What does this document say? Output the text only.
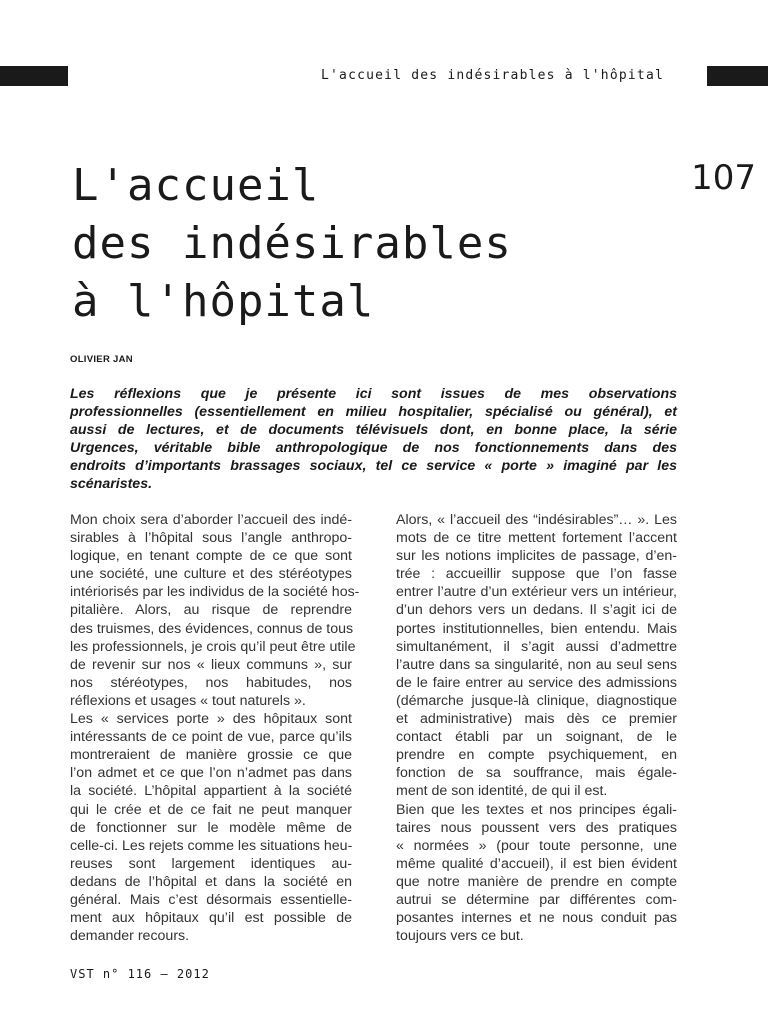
L'accueil des indésirables à l'hôpital
107
L'accueil
des indésirables
à l'hôpital
OLIVIER JAN
Les réflexions que je présente ici sont issues de mes observations
professionnelles (essentiellement en milieu hospitalier, spécialisé ou général), et
aussi de lectures, et de documents télévisuels dont, en bonne place, la série
Urgences, véritable bible anthropologique de nos fonctionnements dans des
endroits d’importants brassages sociaux, tel ce service « porte » imaginé par les
scénaristes.
Mon choix sera d’aborder l’accueil des indé-
sirables à l’hôpital sous l’angle anthropo-
logique, en tenant compte de ce que sont
une société, une culture et des stéréotypes
intériorisés par les individus de la société hos-
pitalière. Alors, au risque de reprendre
des truismes, des évidences, connus de tous
les professionnels, je crois qu’il peut être utile
de revenir sur nos « lieux communs », sur
nos stéréotypes, nos habitudes, nos
réflexions et usages « tout naturels ».
Les « services porte » des hôpitaux sont
intéressants de ce point de vue, parce qu’ils
montreraient de manière grossie ce que
l’on admet et ce que l’on n’admet pas dans
la société. L’hôpital appartient à la société
qui le crée et de ce fait ne peut manquer
de fonctionner sur le modèle même de
celle-ci. Les rejets comme les situations heu-
reuses sont largement identiques au-
dedans de l’hôpital et dans la société en
général. Mais c’est désormais essentielle-
ment aux hôpitaux qu’il est possible de
demander recours.
Alors, « l’accueil des “indésirables”… ». Les
mots de ce titre mettent fortement l’accent
sur les notions implicites de passage, d’en-
trée : accueillir suppose que l’on fasse
entrer l’autre d’un extérieur vers un intérieur,
d’un dehors vers un dedans. Il s’agit ici de
portes institutionnelles, bien entendu. Mais
simultanément, il s’agit aussi d’admettre
l’autre dans sa singularité, non au seul sens
de le faire entrer au service des admissions
(démarche jusque-là clinique, diagnostique
et administrative) mais dès ce premier
contact établi par un soignant, de le
prendre en compte psychiquement, en
fonction de sa souffrance, mais égale-
ment de son identité, de qui il est.
Bien que les textes et nos principes égali-
taires nous poussent vers des pratiques
« normées » (pour toute personne, une
même qualité d’accueil), il est bien évident
que notre manière de prendre en compte
autrui se détermine par différentes com-
posantes internes et ne nous conduit pas
toujours vers ce but.
VST n° 116 – 2012
